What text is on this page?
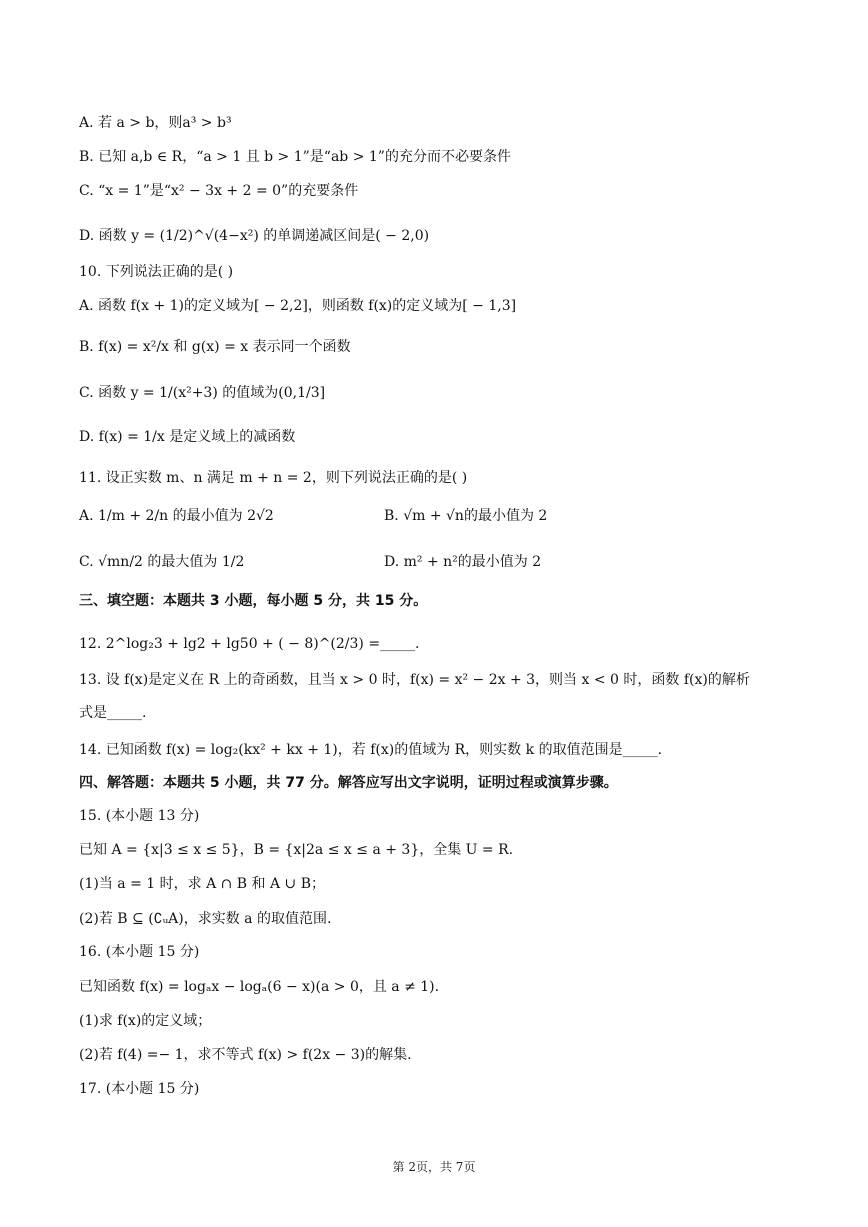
A. 若 a > b，则a³ > b³
B. 已知 a,b ∈ R，“a > 1 且 b > 1”是“ab > 1”的充分而不必要条件
C. “x = 1”是“x² − 3x + 2 = 0”的充要条件
D. 函数 y = (1/2)^√(4−x²) 的单调递减区间是( − 2,0)
10. 下列说法正确的是( )
A. 函数 f(x + 1)的定义域为[ − 2,2]，则函数 f(x)的定义域为[ − 1,3]
B. f(x) = x²/x 和 g(x) = x 表示同一个函数
C. 函数 y = 1/(x²+3) 的值域为(0,1/3]
D. f(x) = 1/x 是定义域上的减函数
11. 设正实数 m、n 满足 m + n = 2，则下列说法正确的是( )
A. 1/m + 2/n 的最小值为 2√2	B. √m + √n的最小值为 2
C. √mn/2 的最大值为 1/2	D. m² + n²的最小值为 2
三、填空题：本题共 3 小题，每小题 5 分，共 15 分。
12. 2^log₂3 + lg2 + lg50 + ( − 8)^(2/3) =_____.
13. 设 f(x)是定义在 R 上的奇函数，且当 x > 0 时，f(x) = x² − 2x + 3，则当 x < 0 时，函数 f(x)的解析
式是_____.
14. 已知函数 f(x) = log₂(kx² + kx + 1)，若 f(x)的值域为 R，则实数 k 的取值范围是_____.
四、解答题：本题共 5 小题，共 77 分。解答应写出文字说明，证明过程或演算步骤。
15. (本小题 13 分)
已知 A = {x|3 ≤ x ≤ 5}，B = {x|2a ≤ x ≤ a + 3}，全集 U = R.
(1)当 a = 1 时，求 A ∩ B 和 A ∪ B；
(2)若 B ⊆ (∁ᵤA)，求实数 a 的取值范围.
16. (本小题 15 分)
已知函数 f(x) = logₐx − logₐ(6 − x)(a > 0，且 a ≠ 1).
(1)求 f(x)的定义域；
(2)若 f(4) =− 1，求不等式 f(x) > f(2x − 3)的解集.
17. (本小题 15 分)
第 2页，共 7页
